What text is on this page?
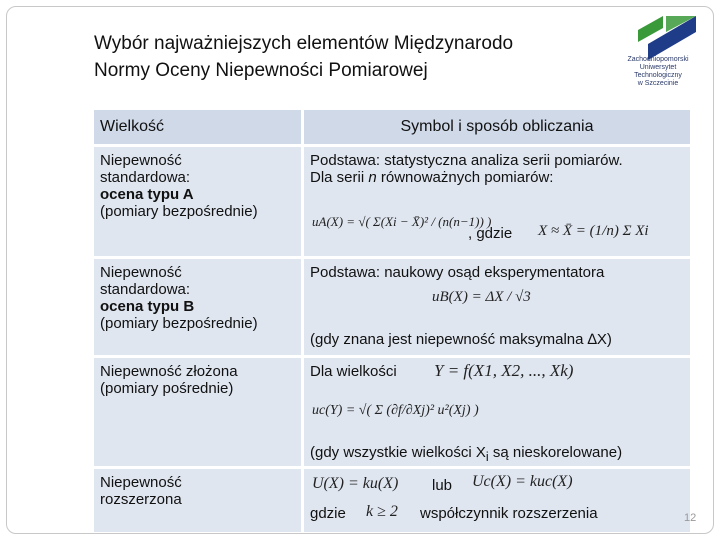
Wybór najważniejszych elementów Międzynarodo
Normy Oceny Niepewności Pomiarowej
Zachodniopomorski
Uniwersytet
Technologiczny
w Szczecinie
Wielkość	Symbol i sposób obliczania
Niepewność
standardowa:
ocena typu A
(pomiary bezpośrednie)
Podstawa: statystyczna analiza serii pomiarów.
Dla serii n równoważnych pomiarów:
uA(X) = √( Σ(Xi − X̄)² / (n(n−1)) )
, gdzie X ≈ X̄ = (1/n) Σ Xi
Niepewność
standardowa:
ocena typu B
(pomiary bezpośrednie)
Podstawa: naukowy osąd eksperymentatora
uB(X) = ΔX / √3
(gdy znana jest niepewność maksymalna ∆X)
Niepewność złożona
(pomiary pośrednie)
Dla wielkości Y = f(X1, X2, ..., Xk)
uc(Y) = √( Σ (∂f/∂Xj)² u²(Xj) )
(gdy wszystkie wielkości $X_i$ są nieskorelowane)
Niepewność
rozszerzona
U(X) = ku(X) lub Uc(X) = kuc(X)
gdzie k ≥ 2 współczynnik rozszerzenia	12
